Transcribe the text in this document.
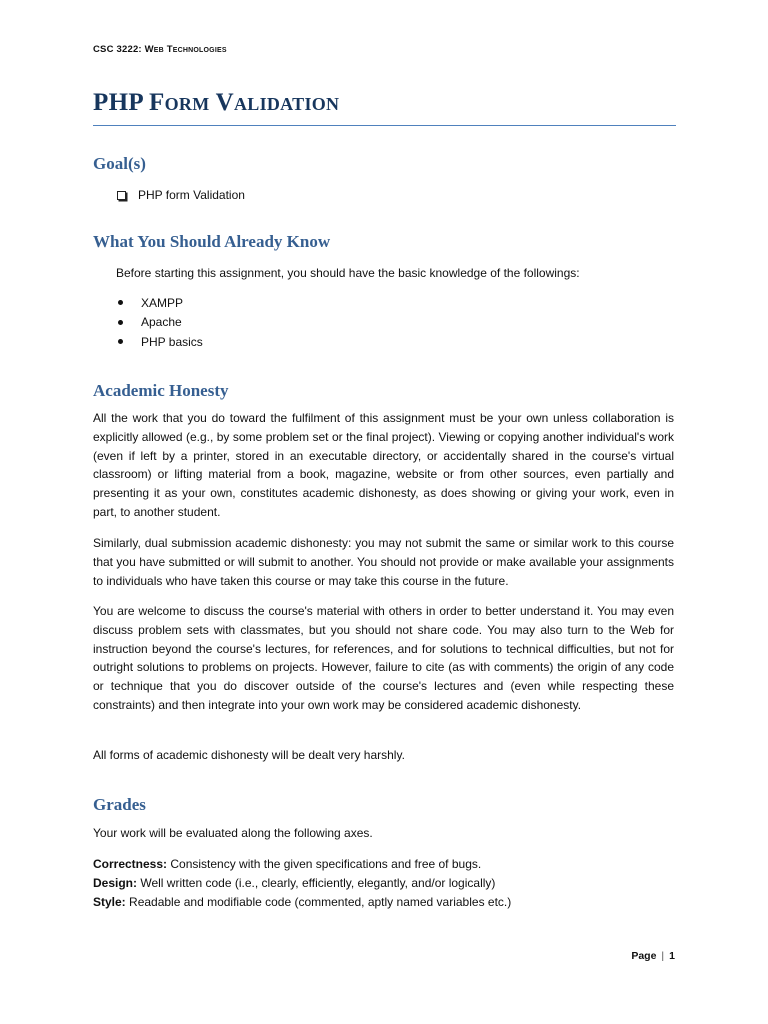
CSC 3222: Web Technologies
PHP Form Validation
Goal(s)
PHP form Validation
What You Should Already Know
Before starting this assignment, you should have the basic knowledge of the followings:
XAMPP
Apache
PHP basics
Academic Honesty

All the work that you do toward the fulfilment of this assignment must be your own unless collaboration is explicitly allowed (e.g., by some problem set or the final project). Viewing or copying another individual's work (even if left by a printer, stored in an executable directory, or accidentally shared in the course's virtual classroom) or lifting material from a book, magazine, website or from other sources, even partially and presenting it as your own, constitutes academic dishonesty, as does showing or giving your work, even in part, to another student.

Similarly, dual submission academic dishonesty: you may not submit the same or similar work to this course that you have submitted or will submit to another. You should not provide or make available your assignments to individuals who have taken this course or may take this course in the future.

You are welcome to discuss the course's material with others in order to better understand it. You may even discuss problem sets with classmates, but you should not share code. You may also turn to the Web for instruction beyond the course's lectures, for references, and for solutions to technical difficulties, but not for outright solutions to problems on projects. However, failure to cite (as with comments) the origin of any code or technique that you do discover outside of the course's lectures and (even while respecting these constraints) and then integrate into your own work may be considered academic dishonesty.

All forms of academic dishonesty will be dealt very harshly.

Grades
Your work will be evaluated along the following axes.
Correctness: Consistency with the given specifications and free of bugs.
Design: Well written code (i.e., clearly, efficiently, elegantly, and/or logically)
Style: Readable and modifiable code (commented, aptly named variables etc.)
Page | 1
